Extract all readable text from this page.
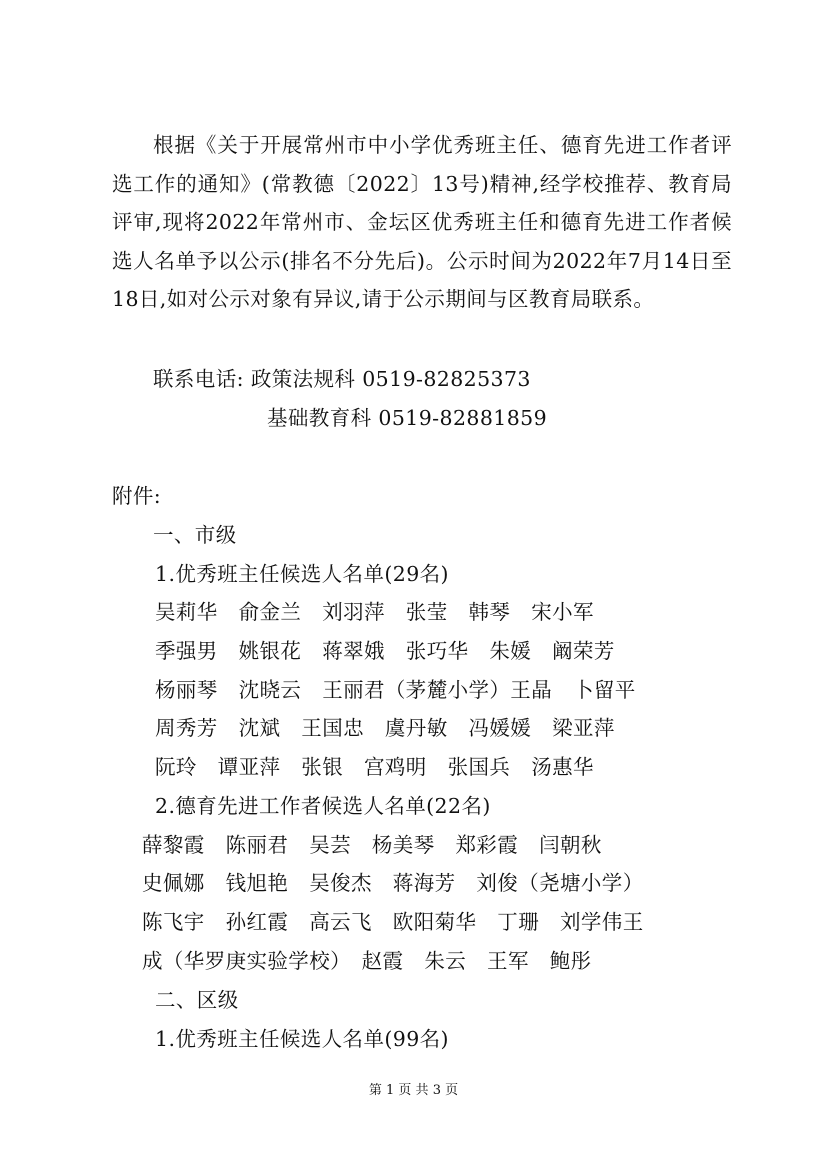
根据《关于开展常州市中小学优秀班主任、德育先进工作者评选工作的通知》(常教德〔2022〕13号)精神,经学校推荐、教育局评审,现将2022年常州市、金坛区优秀班主任和德育先进工作者候选人名单予以公示(排名不分先后)。公示时间为2022年7月14日至18日,如对公示对象有异议,请于公示期间与区教育局联系。

联系电话: 政策法规科 0519-82825373
基础教育科 0519-82881859
附件:
一、市级
1.优秀班主任候选人名单(29名)
吴莉华　俞金兰　刘羽萍　张莹　韩琴　宋小军
季强男　姚银花　蒋翠娥　张巧华　朱媛　阚荣芳
杨丽琴　沈晓云　王丽君（茅麓小学）王晶　卜留平
周秀芳　沈斌　王国忠　虞丹敏　冯媛媛　梁亚萍
阮玲　谭亚萍　张银　宫鸡明　张国兵　汤惠华
2.德育先进工作者候选人名单(22名)
薛黎霞　陈丽君　吴芸　杨美琴　郑彩霞　闫朝秋
史佩娜　钱旭艳　吴俊杰　蒋海芳　刘俊（尧塘小学）
陈飞宇　孙红霞　高云飞　欧阳菊华　丁珊　刘学伟王
成（华罗庚实验学校）　赵霞　朱云　王军　鲍彤
二、区级
1.优秀班主任候选人名单(99名)
第 1 页 共 3 页
